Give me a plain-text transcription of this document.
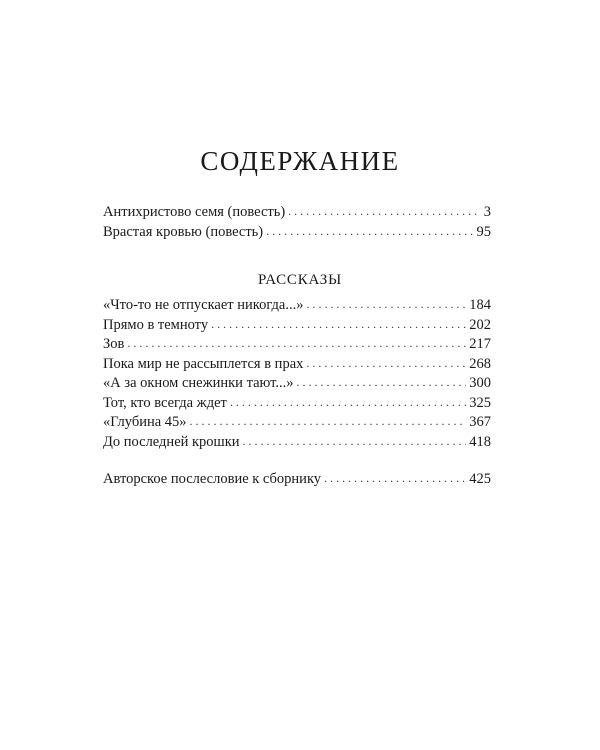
СОДЕРЖАНИЕ
Антихристово семя (повесть) . . .	3
Врастая кровью (повесть) . . .	95
РАССКАЗЫ
«Что-то не отпускает никогда...» . . .	184
Прямо в темноту . . .	202
Зов . . .	217
Пока мир не рассыплется в прах . . .	268
«А за окном снежинки тают...» . . .	300
Тот, кто всегда ждет . . .	325
«Глубина 45» . . .	367
До последней крошки . . .	418
Авторское послесловие к сборнику . . .	425
